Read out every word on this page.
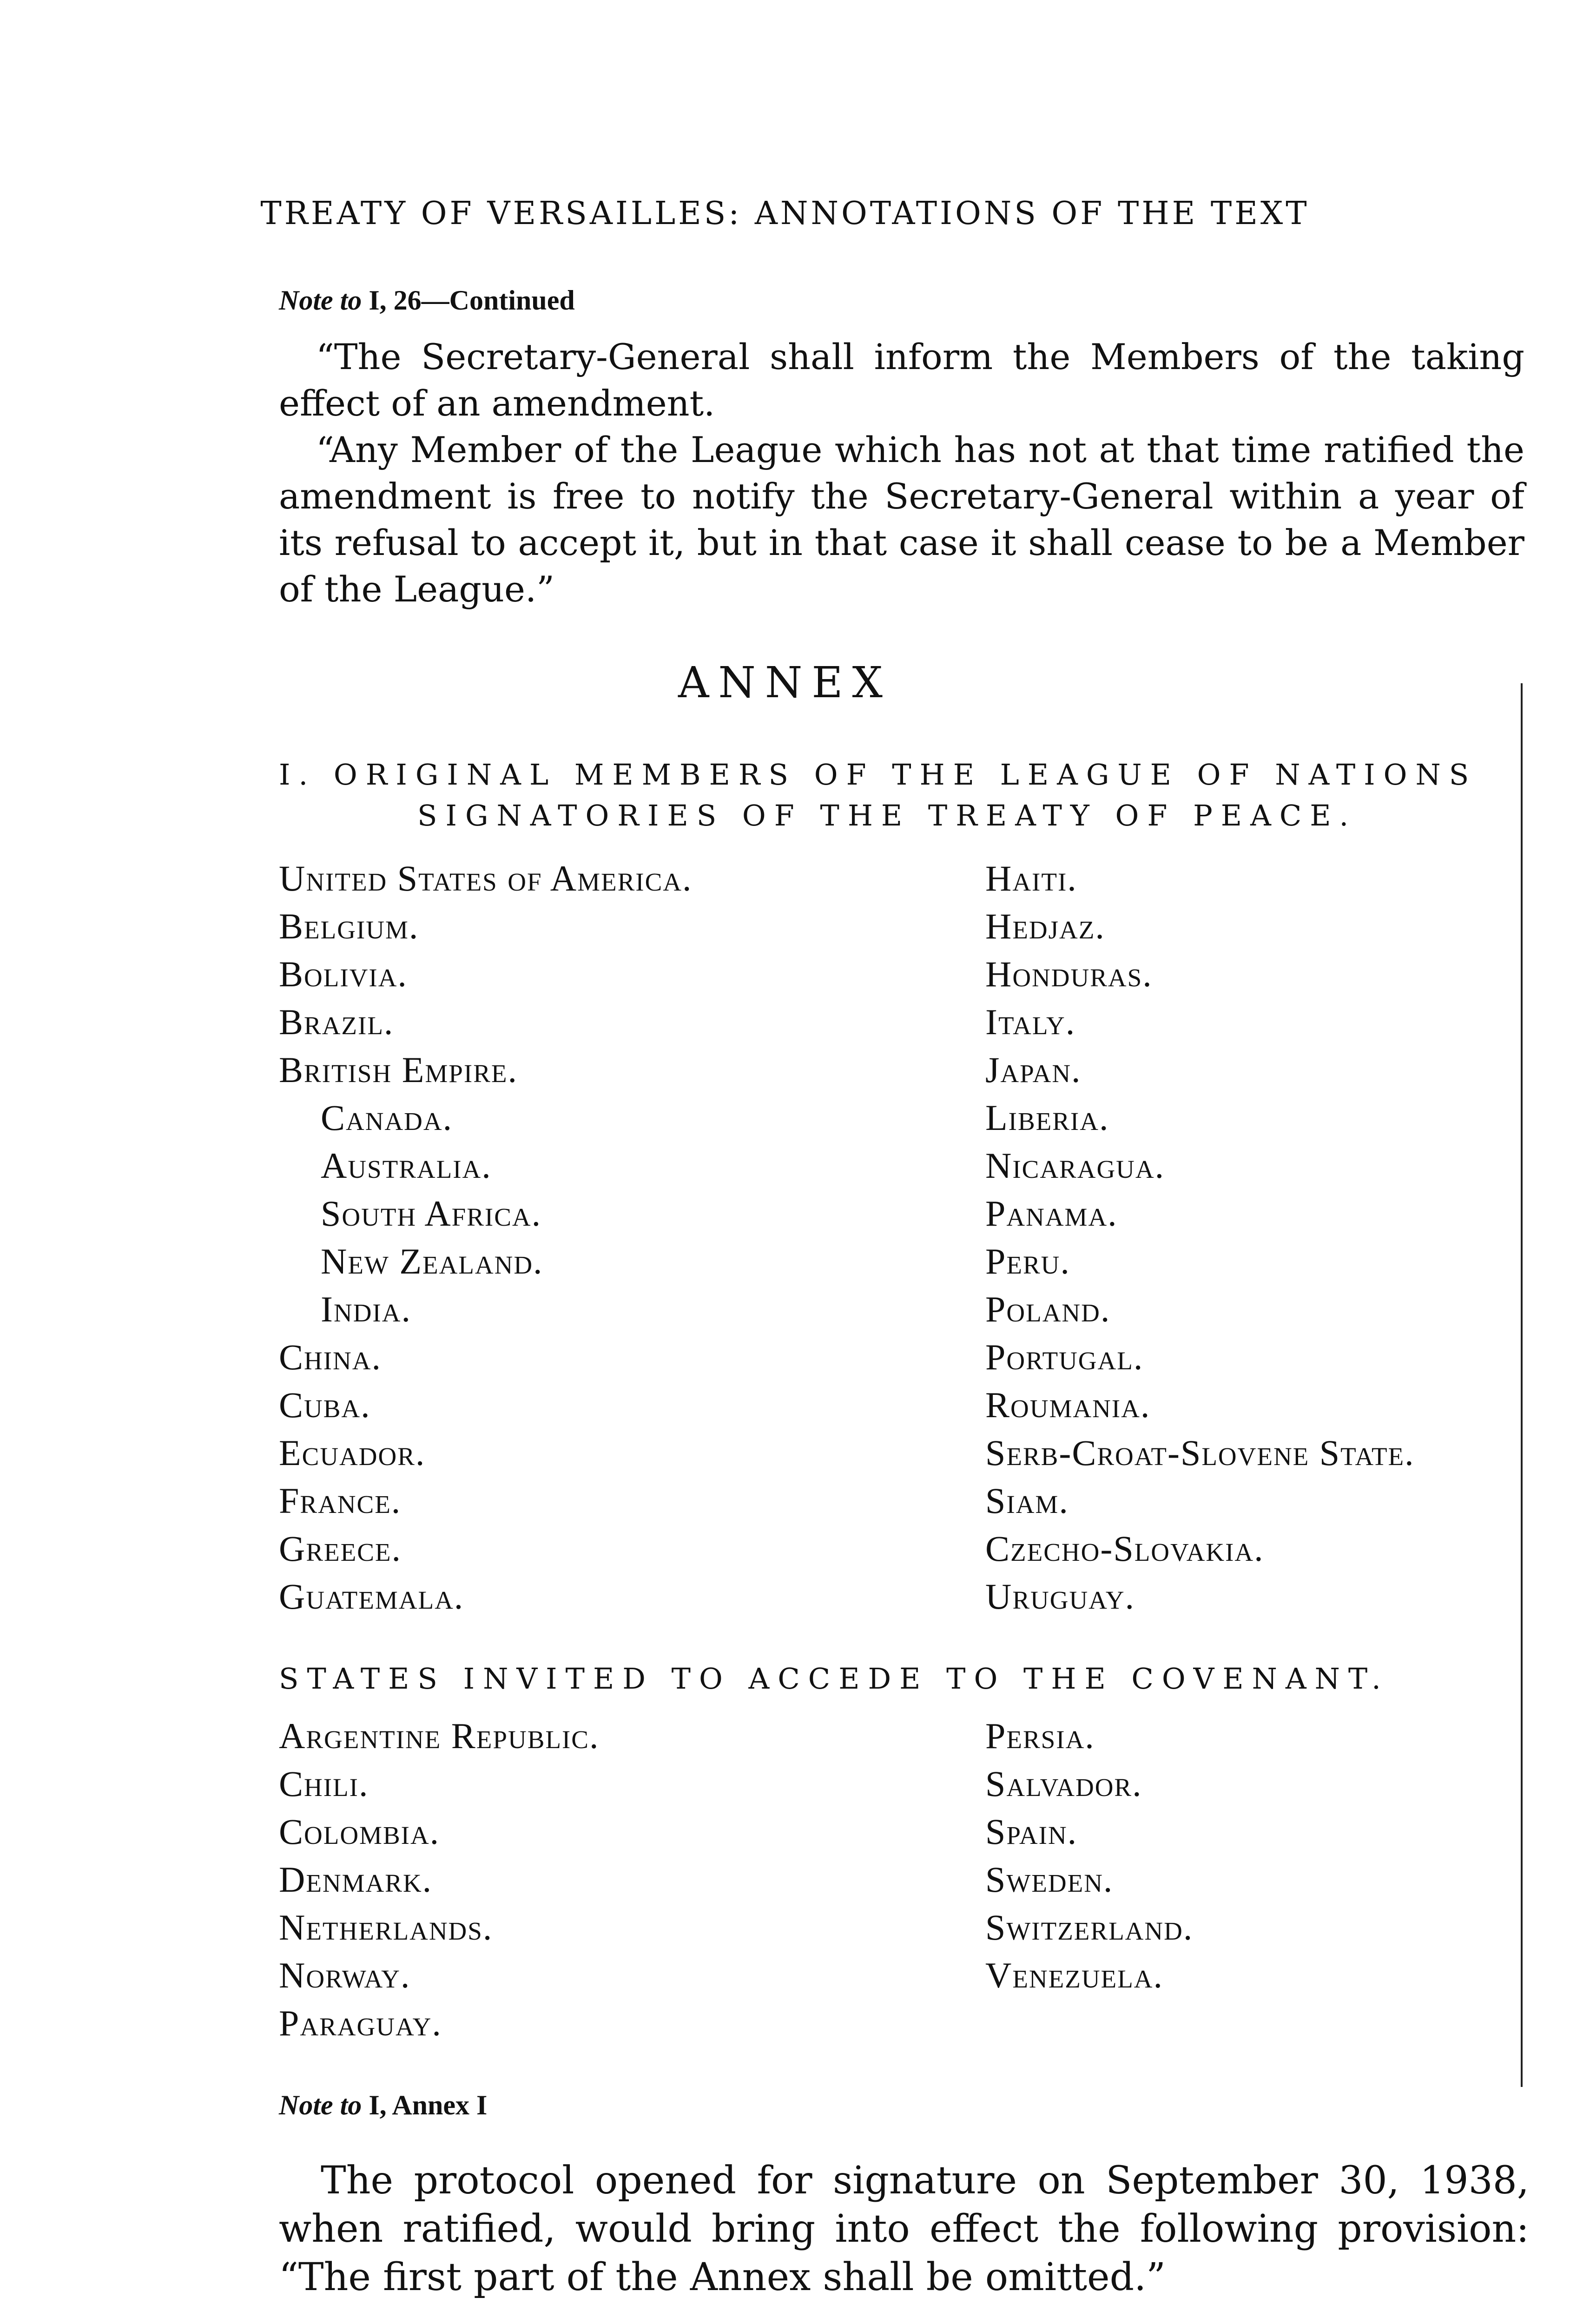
TREATY OF VERSAILLES: ANNOTATIONS OF THE TEXT
Note to I, 26—Continued

“The Secretary-General shall inform the Members of the taking effect of an amendment.

“Any Member of the League which has not at that time ratified the amendment is free to notify the Secretary-General within a year of its refusal to accept it, but in that case it shall cease to be a Member of the League.”

ANNEX
I. ORIGINAL MEMBERS OF THE LEAGUE OF NATIONS
SIGNATORIES OF THE TREATY OF PEACE.
United States of America.
Belgium.
Bolivia.
Brazil.
British Empire.
Canada.
Australia.
South Africa.
New Zealand.
India.
China.
Cuba.
Ecuador.
France.
Greece.
Guatemala.
Haiti.
Hedjaz.
Honduras.
Italy.
Japan.
Liberia.
Nicaragua.
Panama.
Peru.
Poland.
Portugal.
Roumania.
Serb-Croat-Slovene State.
Siam.
Czecho-Slovakia.
Uruguay.
STATES INVITED TO ACCEDE TO THE COVENANT.
Argentine Republic.
Chili.
Colombia.
Denmark.
Netherlands.
Norway.
Paraguay.
Persia.
Salvador.
Spain.
Sweden.
Switzerland.
Venezuela.
Note to I, Annex I

The protocol opened for signature on September 30, 1938, when ratified, would bring into effect the following provision: “The first part of the Annex shall be omitted.”
